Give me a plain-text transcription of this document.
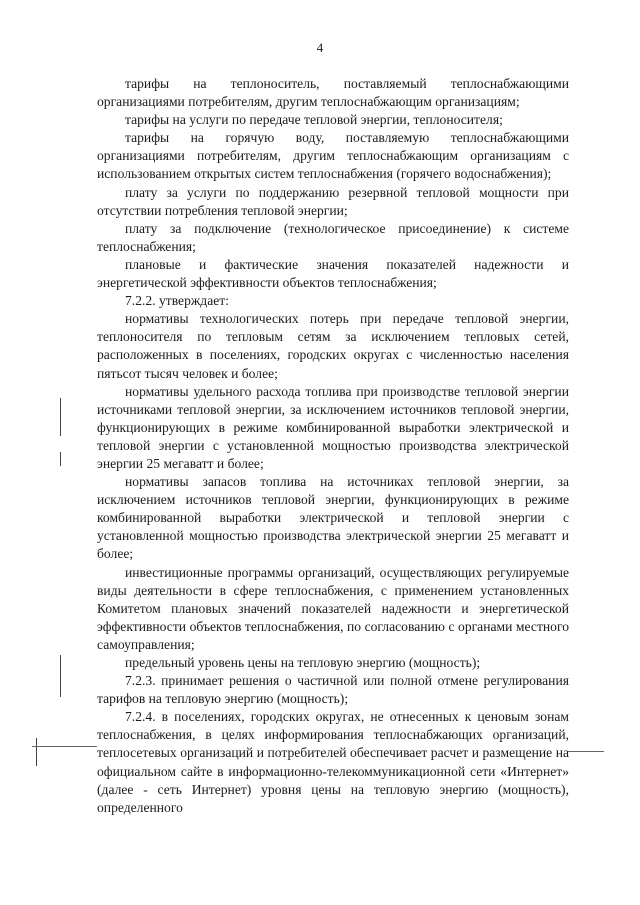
4

тарифы на теплоноситель, поставляемый теплоснабжающими организациями потребителям, другим теплоснабжающим организациям;

тарифы на услуги по передаче тепловой энергии, теплоносителя;

тарифы на горячую воду, поставляемую теплоснабжающими организациями потребителям, другим теплоснабжающим организациям с использованием открытых систем теплоснабжения (горячего водоснабжения);

плату за услуги по поддержанию резервной тепловой мощности при отсутствии потребления тепловой энергии;

плату за подключение (технологическое присоединение) к системе теплоснабжения;

плановые и фактические значения показателей надежности и энергетической эффективности объектов теплоснабжения;

7.2.2. утверждает:

нормативы технологических потерь при передаче тепловой энергии, теплоносителя по тепловым сетям за исключением тепловых сетей, расположенных в поселениях, городских округах с численностью населения пятьсот тысяч человек и более;

нормативы удельного расхода топлива при производстве тепловой энергии источниками тепловой энергии, за исключением источников тепловой энергии, функционирующих в режиме комбинированной выработки электрической и тепловой энергии с установленной мощностью производства электрической энергии 25 мегаватт и более;

нормативы запасов топлива на источниках тепловой энергии, за исключением источников тепловой энергии, функционирующих в режиме комбинированной выработки электрической и тепловой энергии с установленной мощностью производства электрической энергии 25 мегаватт и более;

инвестиционные программы организаций, осуществляющих регулируемые виды деятельности в сфере теплоснабжения, с применением установленных Комитетом плановых значений показателей надежности и энергетической эффективности объектов теплоснабжения, по согласованию с органами местного самоуправления;

предельный уровень цены на тепловую энергию (мощность);

7.2.3. принимает решения о частичной или полной отмене регулирования тарифов на тепловую энергию (мощность);

7.2.4. в поселениях, городских округах, не отнесенных к ценовым зонам теплоснабжения, в целях информирования теплоснабжающих организаций, теплосетевых организаций и потребителей обеспечивает расчет и размещение на официальном сайте в информационно-телекоммуникационной сети «Интернет» (далее - сеть Интернет) уровня цены на тепловую энергию (мощность), определенного
